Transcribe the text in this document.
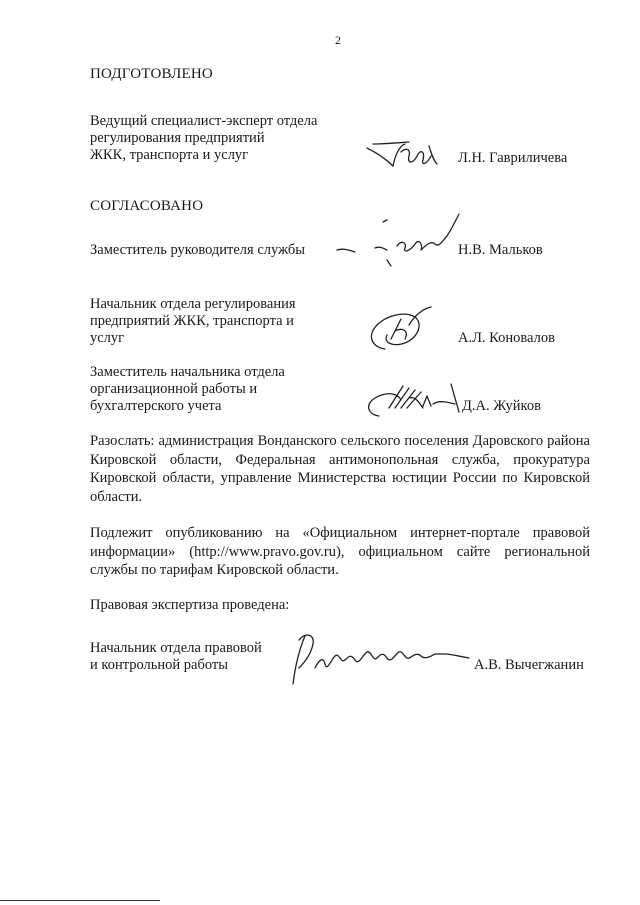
2
ПОДГОТОВЛЕНО
Ведущий специалист-эксперт отдела
регулирования предприятий
ЖКК, транспорта и услуг	Л.Н. Гавриличева
СОГЛАСОВАНО
Заместитель руководителя службы	Н.В. Мальков
Начальник отдела регулирования
предприятий ЖКК, транспорта и
услуг	А.Л. Коновалов
Заместитель начальника отдела
организационной работы и
бухгалтерского учета	Д.А. Жуйков
Разослать: администрация Вонданского сельского поселения Даровского района Кировской области, Федеральная антимонопольная служба, прокуратура Кировской области, управление Министерства юстиции России по Кировской области.
Подлежит опубликованию на «Официальном интернет-портале правовой информации» (http://www.pravo.gov.ru), официальном сайте региональной службы по тарифам Кировской области.
Правовая экспертиза проведена:
Начальник отдела правовой
и контрольной работы	А.В. Вычегжанин
